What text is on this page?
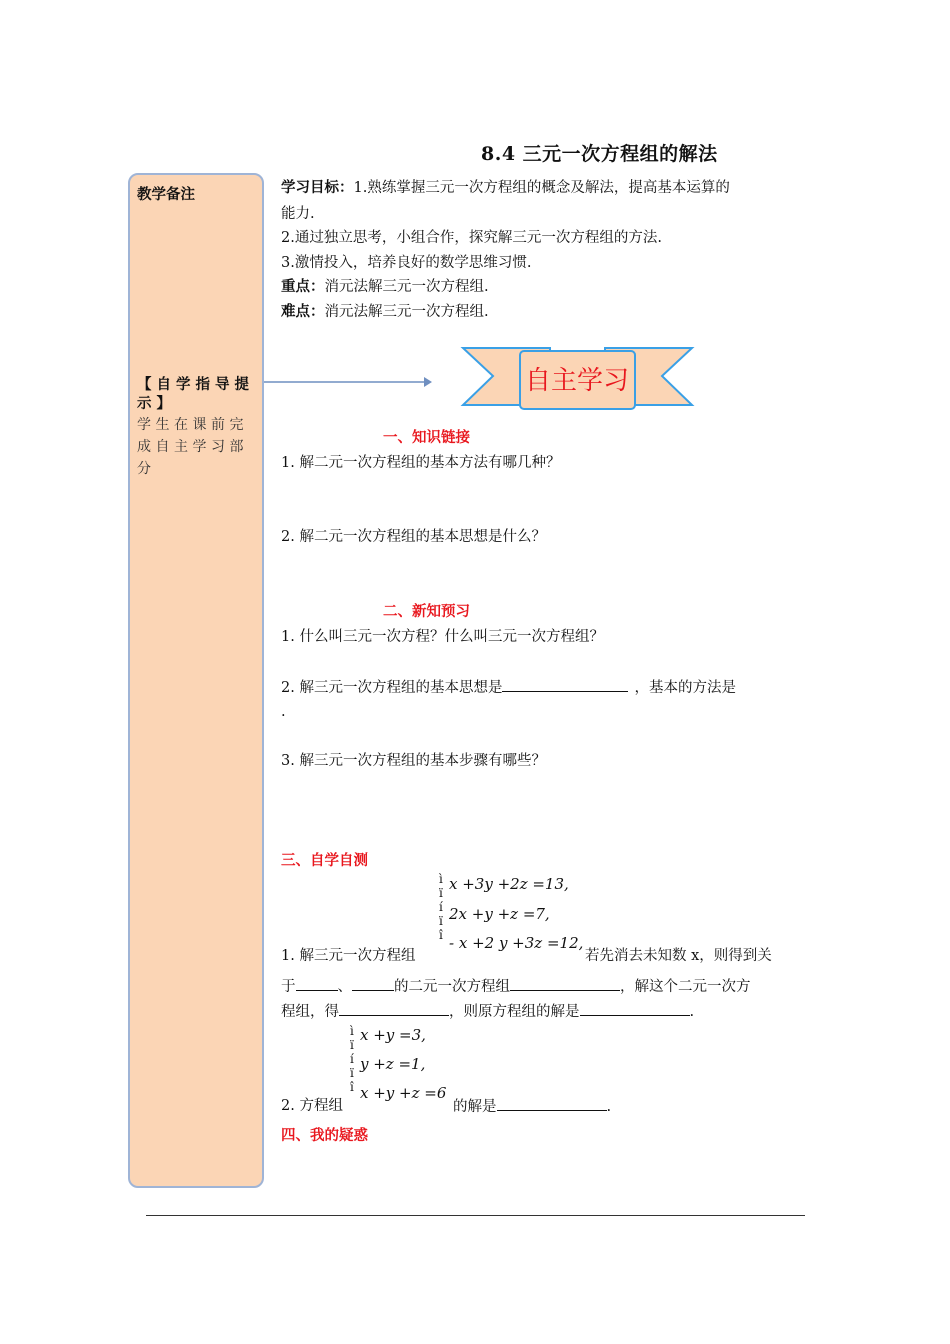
8.4 三元一次方程组的解法
教学备注
【自学指导提示】
学生在课前完成自主学习部分
学习目标：1.熟练掌握三元一次方程组的概念及解法，提高基本运算的
能力.
2.通过独立思考，小组合作，探究解三元一次方程组的方法.
3.激情投入，培养良好的数学思维习惯.
重点：消元法解三元一次方程组.
难点：消元法解三元一次方程组.
自主学习
一、知识链接
1. 解二元一次方程组的基本方法有哪几种？
2. 解二元一次方程组的基本思想是什么？
二、新知预习
1. 什么叫三元一次方程？什么叫三元一次方程组？
2. 解三元一次方程组的基本思想是	，基本的方法是
.
3. 解三元一次方程组的基本步骤有哪些？
三、自学自测
ì
ï
í
ï
î
x +3y +2z =13,
2x +y +z =7,
- x +2 y +3z =12,
1. 解三元一次方程组	若先消去未知数 x，则得到关
于	、	的二元一次方程组	，解这个二元一次方
程组，得	，则原方程组的解是	.
ì
ï
í
ï
î
x +y =3,
y +z =1,
x +y +z =6
2. 方程组	的解是	.
四、我的疑惑
